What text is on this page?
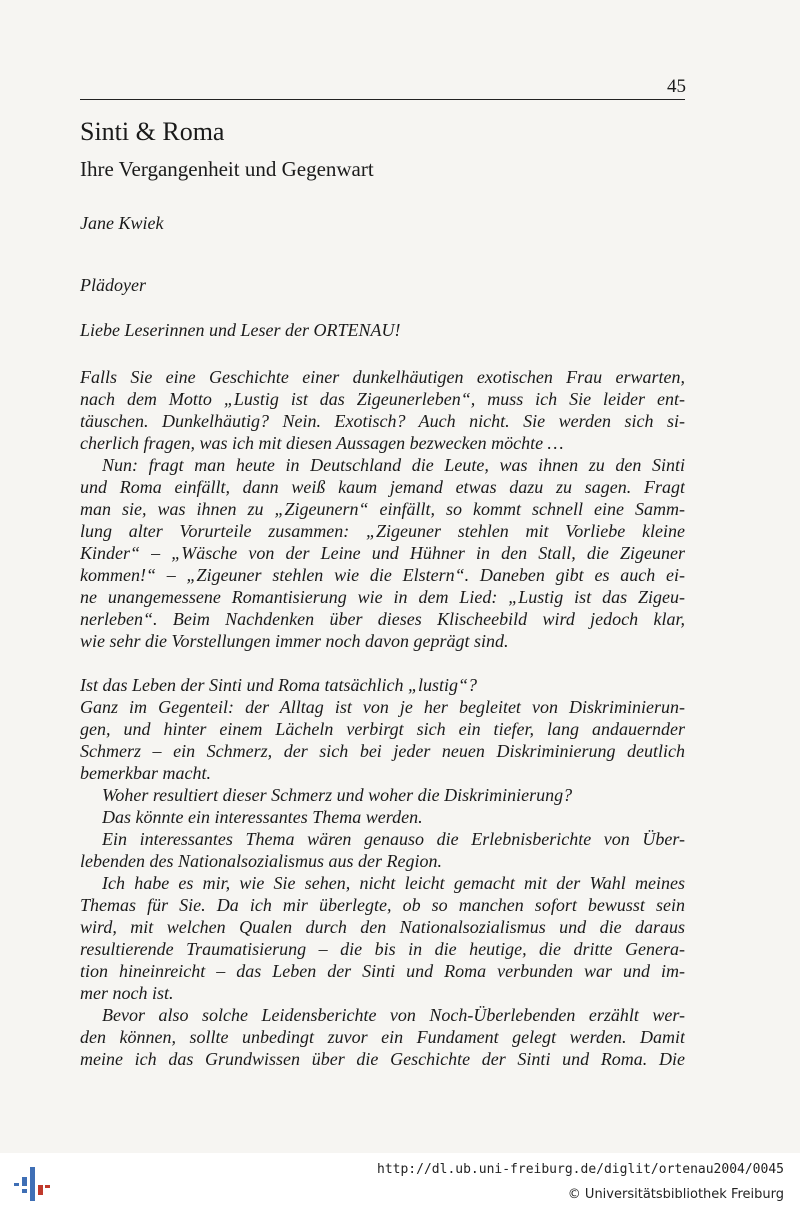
45
Sinti & Roma
Ihre Vergangenheit und Gegenwart
Jane Kwiek
Plädoyer
Liebe Leserinnen und Leser der ORTENAU!
Falls Sie eine Geschichte einer dunkelhäutigen exotischen Frau erwarten,
nach dem Motto „Lustig ist das Zigeunerleben“, muss ich Sie leider ent-
täuschen. Dunkelhäutig? Nein. Exotisch? Auch nicht. Sie werden sich si-
cherlich fragen, was ich mit diesen Aussagen bezwecken möchte …
Nun: fragt man heute in Deutschland die Leute, was ihnen zu den Sinti
und Roma einfällt, dann weiß kaum jemand etwas dazu zu sagen. Fragt
man sie, was ihnen zu „Zigeunern“ einfällt, so kommt schnell eine Samm-
lung alter Vorurteile zusammen: „Zigeuner stehlen mit Vorliebe kleine
Kinder“ – „Wäsche von der Leine und Hühner in den Stall, die Zigeuner
kommen!“ – „Zigeuner stehlen wie die Elstern“. Daneben gibt es auch ei-
ne unangemessene Romantisierung wie in dem Lied: „Lustig ist das Zigeu-
nerleben“. Beim Nachdenken über dieses Klischeebild wird jedoch klar,
wie sehr die Vorstellungen immer noch davon geprägt sind.
Ist das Leben der Sinti und Roma tatsächlich „lustig“?
Ganz im Gegenteil: der Alltag ist von je her begleitet von Diskriminierun-
gen, und hinter einem Lächeln verbirgt sich ein tiefer, lang andauernder
Schmerz – ein Schmerz, der sich bei jeder neuen Diskriminierung deutlich
bemerkbar macht.
Woher resultiert dieser Schmerz und woher die Diskriminierung?
Das könnte ein interessantes Thema werden.
Ein interessantes Thema wären genauso die Erlebnisberichte von Über-
lebenden des Nationalsozialismus aus der Region.
Ich habe es mir, wie Sie sehen, nicht leicht gemacht mit der Wahl meines
Themas für Sie. Da ich mir überlegte, ob so manchen sofort bewusst sein
wird, mit welchen Qualen durch den Nationalsozialismus und die daraus
resultierende Traumatisierung – die bis in die heutige, die dritte Genera-
tion hineinreicht – das Leben der Sinti und Roma verbunden war und im-
mer noch ist.
Bevor also solche Leidensberichte von Noch-Überlebenden erzählt wer-
den können, sollte unbedingt zuvor ein Fundament gelegt werden. Damit
meine ich das Grundwissen über die Geschichte der Sinti und Roma. Die
http://dl.ub.uni-freiburg.de/diglit/ortenau2004/0045
© Universitätsbibliothek Freiburg
